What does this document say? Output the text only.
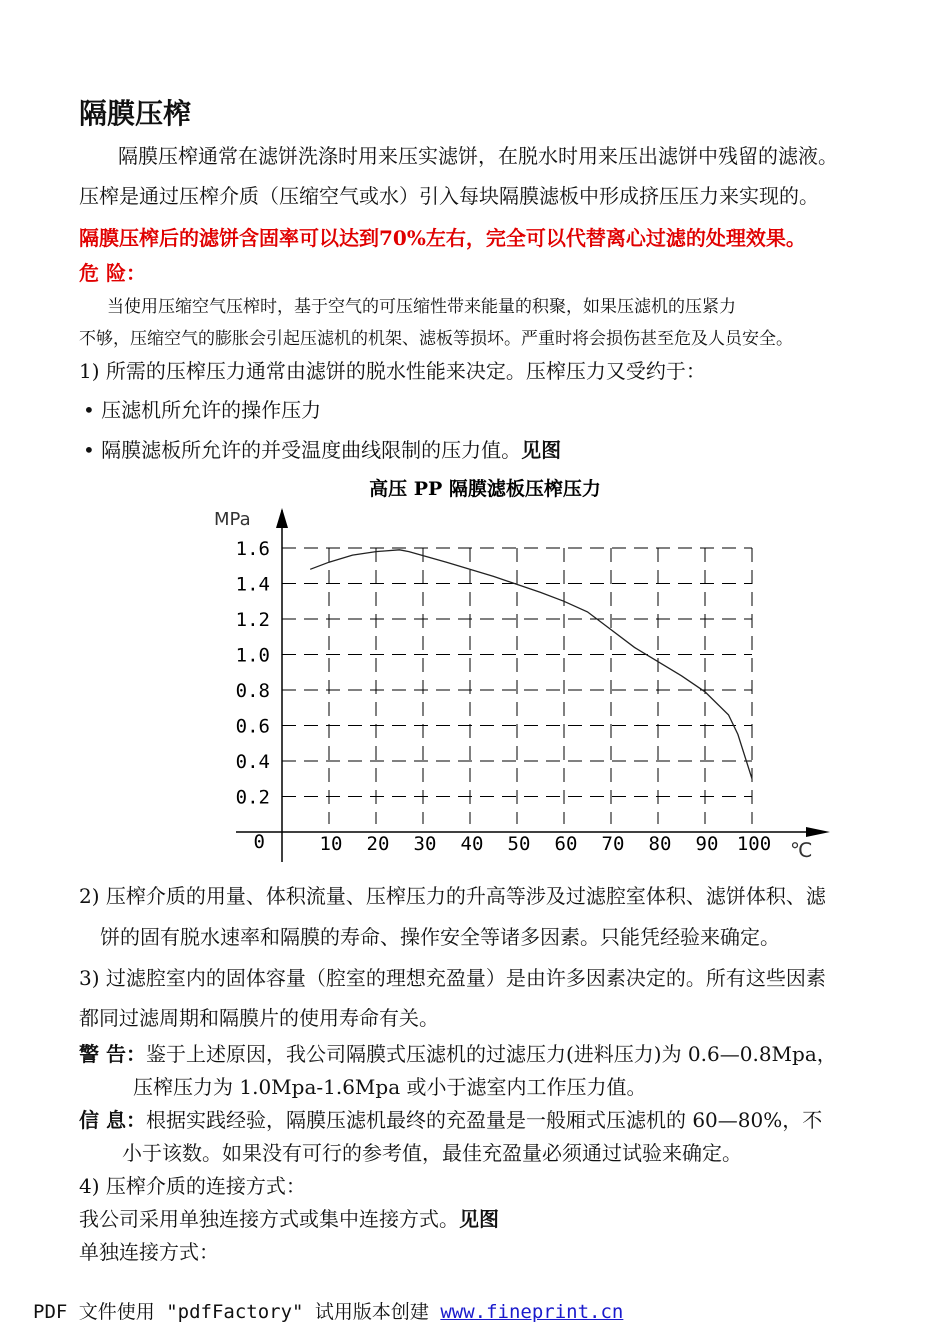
隔膜压榨
隔膜压榨通常在滤饼洗涤时用来压实滤饼，在脱水时用来压出滤饼中残留的滤液。
压榨是通过压榨介质（压缩空气或水）引入每块隔膜滤板中形成挤压压力来实现的。
隔膜压榨后的滤饼含固率可以达到70%左右，完全可以代替离心过滤的处理效果。
危 险：
当使用压缩空气压榨时，基于空气的可压缩性带来能量的积聚，如果压滤机的压紧力
不够，压缩空气的膨胀会引起压滤机的机架、滤板等损坏。严重时将会损伤甚至危及人员安全。
1) 所需的压榨压力通常由滤饼的脱水性能来决定。压榨压力又受约于：
• 压滤机所允许的操作压力
• 隔膜滤板所允许的并受温度曲线限制的压力值。见图
高压 PP 隔膜滤板压榨压力
MPa
℃
0
1.6
1.4
1.2
1.0
0.8
0.6
0.4
0.2
10 20 30 40 50 60 70 80 90 100
2) 压榨介质的用量、体积流量、压榨压力的升高等涉及过滤腔室体积、滤饼体积、滤
饼的固有脱水速率和隔膜的寿命、操作安全等诸多因素。只能凭经验来确定。
3) 过滤腔室内的固体容量（腔室的理想充盈量）是由许多因素决定的。所有这些因素
都同过滤周期和隔膜片的使用寿命有关。
警 告：鉴于上述原因，我公司隔膜式压滤机的过滤压力(进料压力)为 0.6—0.8Mpa，
压榨压力为 1.0Mpa-1.6Mpa 或小于滤室内工作压力值。
信 息：根据实践经验，隔膜压滤机最终的充盈量是一般厢式压滤机的 60—80%，不
小于该数。如果没有可行的参考值，最佳充盈量必须通过试验来确定。
4) 压榨介质的连接方式：
我公司采用单独连接方式或集中连接方式。见图
单独连接方式：
PDF 文件使用 "pdfFactory" 试用版本创建 www.fineprint.cn
